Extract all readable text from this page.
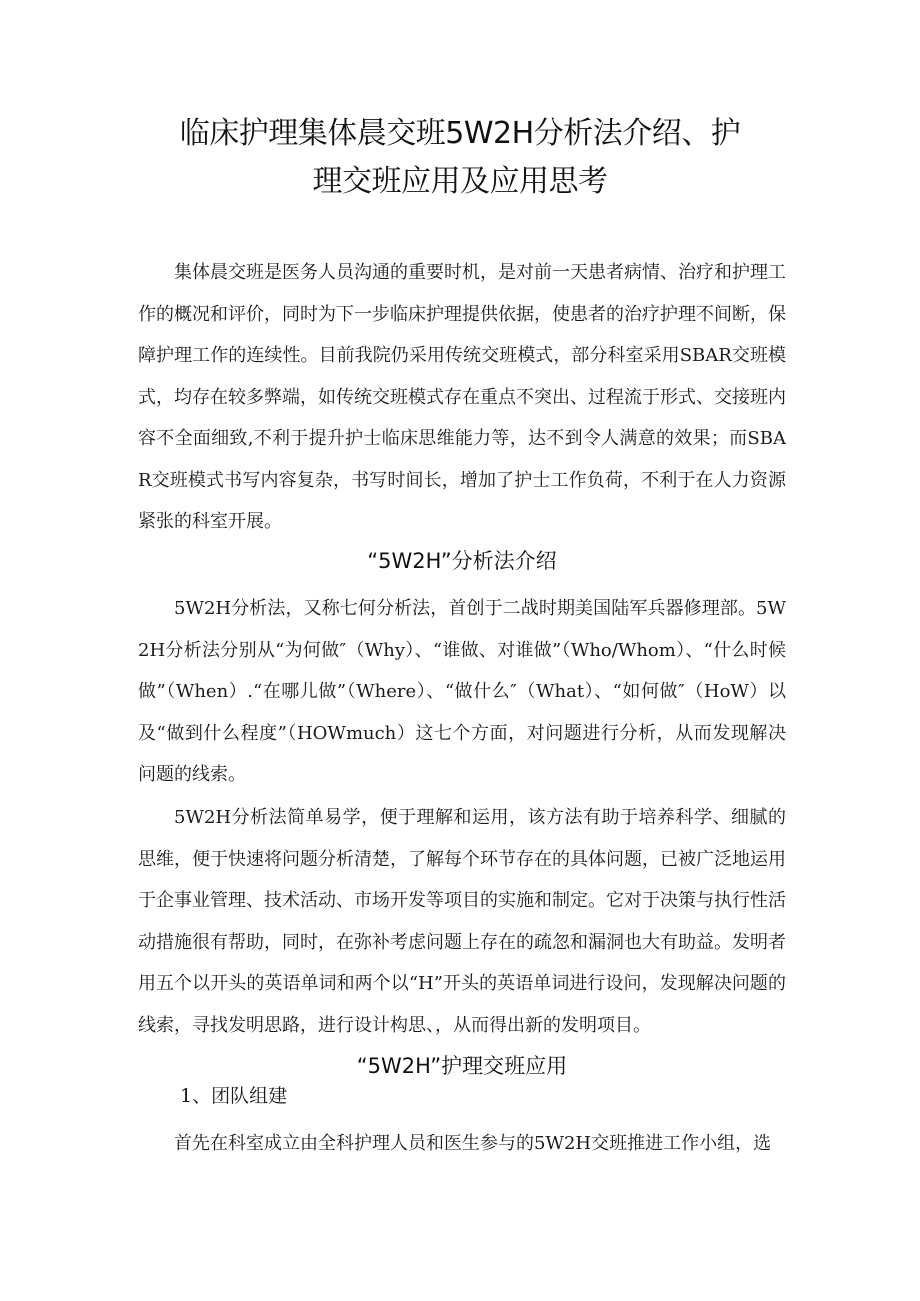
临床护理集体晨交班5W2H分析法介绍、护
理交班应用及应用思考

集体晨交班是医务人员沟通的重要时机，是对前一天患者病情、治疗和护理工作的概况和评价，同时为下一步临床护理提供依据，使患者的治疗护理不间断，保障护理工作的连续性。目前我院仍采用传统交班模式，部分科室采用SBAR交班模式，均存在较多弊端，如传统交班模式存在重点不突出、过程流于形式、交接班内容不全面细致,不利于提升护士临床思维能力等，达不到令人满意的效果；而SBAR交班模式书写内容复杂，书写时间长，增加了护士工作负荷，不利于在人力资源紧张的科室开展。

“5W2H”分析法介绍

5W2H分析法，又称七何分析法，首创于二战时期美国陆军兵器修理部。5W2H分析法分别从“为何做″（Why）、“谁做、对谁做”（Who/Whom）、“什么时候做”（When）.“在哪儿做”（Where）、“做什么″（What）、“如何做″（HoW）以及“做到什么程度”（HOWmuch）这七个方面，对问题进行分析，从而发现解决问题的线索。

5W2H分析法简单易学，便于理解和运用，该方法有助于培养科学、细腻的思维，便于快速将问题分析清楚，了解每个环节存在的具体问题，已被广泛地运用于企事业管理、技术活动、市场开发等项目的实施和制定。它对于决策与执行性活动措施很有帮助，同时，在弥补考虑问题上存在的疏忽和漏洞也大有助益。发明者用五个以开头的英语单词和两个以“H”开头的英语单词进行设问，发现解决问题的线索，寻找发明思路，进行设计构思、，从而得出新的发明项目。

“5W2H”护理交班应用
1、团队组建

首先在科室成立由全科护理人员和医生参与的5W2H交班推进工作小组，选
